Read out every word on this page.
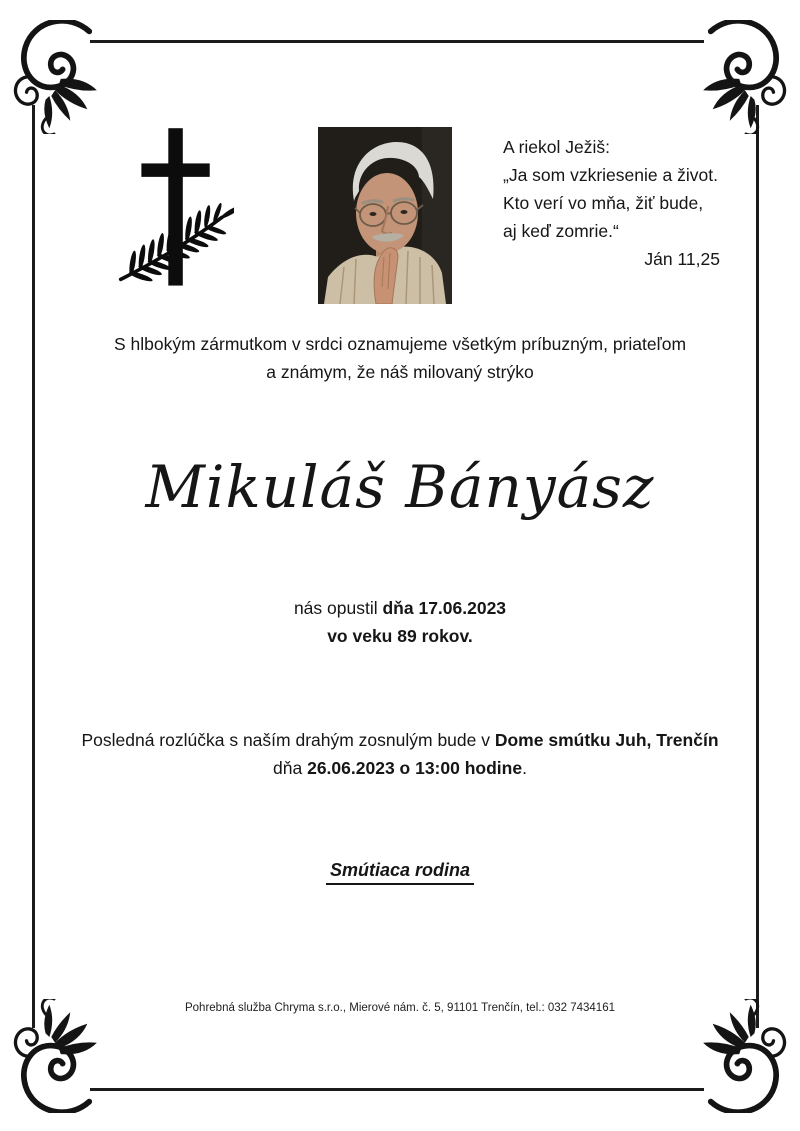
A riekol Ježiš:
„Ja som vzkriesenie a život.
Kto verí vo mňa, žiť bude,
aj keď zomrie.“
Ján 11,25
S hlbokým zármutkom v srdci oznamujeme všetkým príbuzným, priateľom
a známym, že náš milovaný strýko
Mikuláš Bányász
nás opustil dňa 17.06.2023
vo veku 89 rokov.
Posledná rozlúčka s naším drahým zosnulým bude v Dome smútku Juh, Trenčín
dňa 26.06.2023 o 13:00 hodine.
Smútiaca rodina
Pohrebná služba Chryma s.r.o., Mierové nám. č. 5, 91101 Trenčín, tel.: 032 7434161
